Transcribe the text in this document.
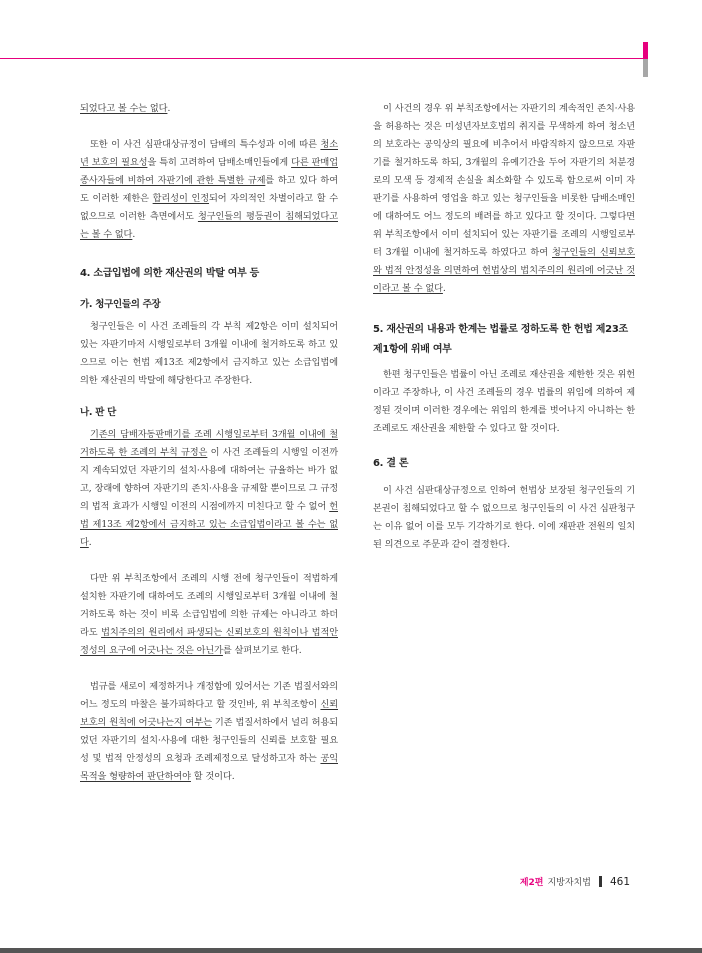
되었다고 볼 수는 없다.

또한 이 사건 심판대상규정이 담배의 특수성과 이에 따른 청소년 보호의 필요성을 특히 고려하여 담배소매인들에게 다른 판매업 종사자들에 비하여 자판기에 관한 특별한 규제를 하고 있다 하여도 이러한 제한은 합리성이 인정되어 자의적인 차별이라고 할 수 없으므로 이러한 측면에서도 청구인들의 평등권이 침해되었다고는 볼 수 없다.

4. 소급입법에 의한 재산권의 박탈 여부 등
가. 청구인들의 주장

청구인들은 이 사건 조례들의 각 부칙 제2항은 이미 설치되어 있는 자판기마저 시행일로부터 3개월 이내에 철거하도록 하고 있으므로 이는 헌법 제13조 제2항에서 금지하고 있는 소급입법에 의한 재산권의 박탈에 해당한다고 주장한다.

나. 판 단

기존의 담배자동판매기를 조례 시행일로부터 3개월 이내에 철거하도록 한 조례의 부칙 규정은 이 사건 조례들의 시행일 이전까지 계속되었던 자판기의 설치·사용에 대하여는 규율하는 바가 없고, 장래에 향하여 자판기의 존치·사용을 규제할 뿐이므로 그 규정의 법적 효과가 시행일 이전의 시점에까지 미친다고 할 수 없어 헌법 제13조 제2항에서 금지하고 있는 소급입법이라고 볼 수는 없다.

다만 위 부칙조항에서 조례의 시행 전에 청구인들이 적법하게 설치한 자판기에 대하여도 조례의 시행일로부터 3개월 이내에 철거하도록 하는 것이 비록 소급입법에 의한 규제는 아니라고 하더라도 법치주의의 원리에서 파생되는 신뢰보호의 원칙이나 법적안정성의 요구에 어긋나는 것은 아닌가를 살펴보기로 한다.

법규를 새로이 제정하거나 개정함에 있어서는 기존 법질서와의 어느 정도의 마찰은 불가피하다고 할 것인바, 위 부칙조항이 신뢰보호의 원칙에 어긋나는지 여부는 기존 법질서하에서 널리 허용되었던 자판기의 설치·사용에 대한 청구인들의 신뢰를 보호할 필요성 및 법적 안정성의 요청과 조례제정으로 달성하고자 하는 공익목적을 형량하여 판단하여야 할 것이다.

이 사건의 경우 위 부칙조항에서는 자판기의 계속적인 존치·사용을 허용하는 것은 미성년자보호법의 취지를 무색하게 하여 청소년의 보호라는 공익상의 필요에 비추어서 바람직하지 않으므로 자판기를 철거하도록 하되, 3개월의 유예기간을 두어 자판기의 처분경로의 모색 등 경제적 손실을 최소화할 수 있도록 함으로써 이미 자판기를 사용하여 영업을 하고 있는 청구인들을 비롯한 담배소매인에 대하여도 어느 정도의 배려를 하고 있다고 할 것이다. 그렇다면 위 부칙조항에서 이미 설치되어 있는 자판기를 조례의 시행일로부터 3개월 이내에 철거하도록 하였다고 하여 청구인들의 신뢰보호와 법적 안정성을 의면하여 헌법상의 법치주의의 원리에 어긋난 것이라고 볼 수 없다.

5. 재산권의 내용과 한계는 법률로 정하도록 한 헌법 제23조 제1항에 위배 여부

한편 청구인들은 법률이 아닌 조례로 재산권을 제한한 것은 위헌이라고 주장하나, 이 사건 조례들의 경우 법률의 위임에 의하여 제정된 것이며 이러한 경우에는 위임의 한계를 벗어나지 아니하는 한 조례로도 재산권을 제한할 수 있다고 할 것이다.

6. 결 론

이 사건 심판대상규정으로 인하여 헌법상 보장된 청구인들의 기본권이 침해되었다고 할 수 없으므로 청구인들의 이 사건 심판청구는 이유 없어 이를 모두 기각하기로 한다. 이에 재판관 전원의 일치된 의견으로 주문과 같이 결정한다.

제2편 지방자치법 461
